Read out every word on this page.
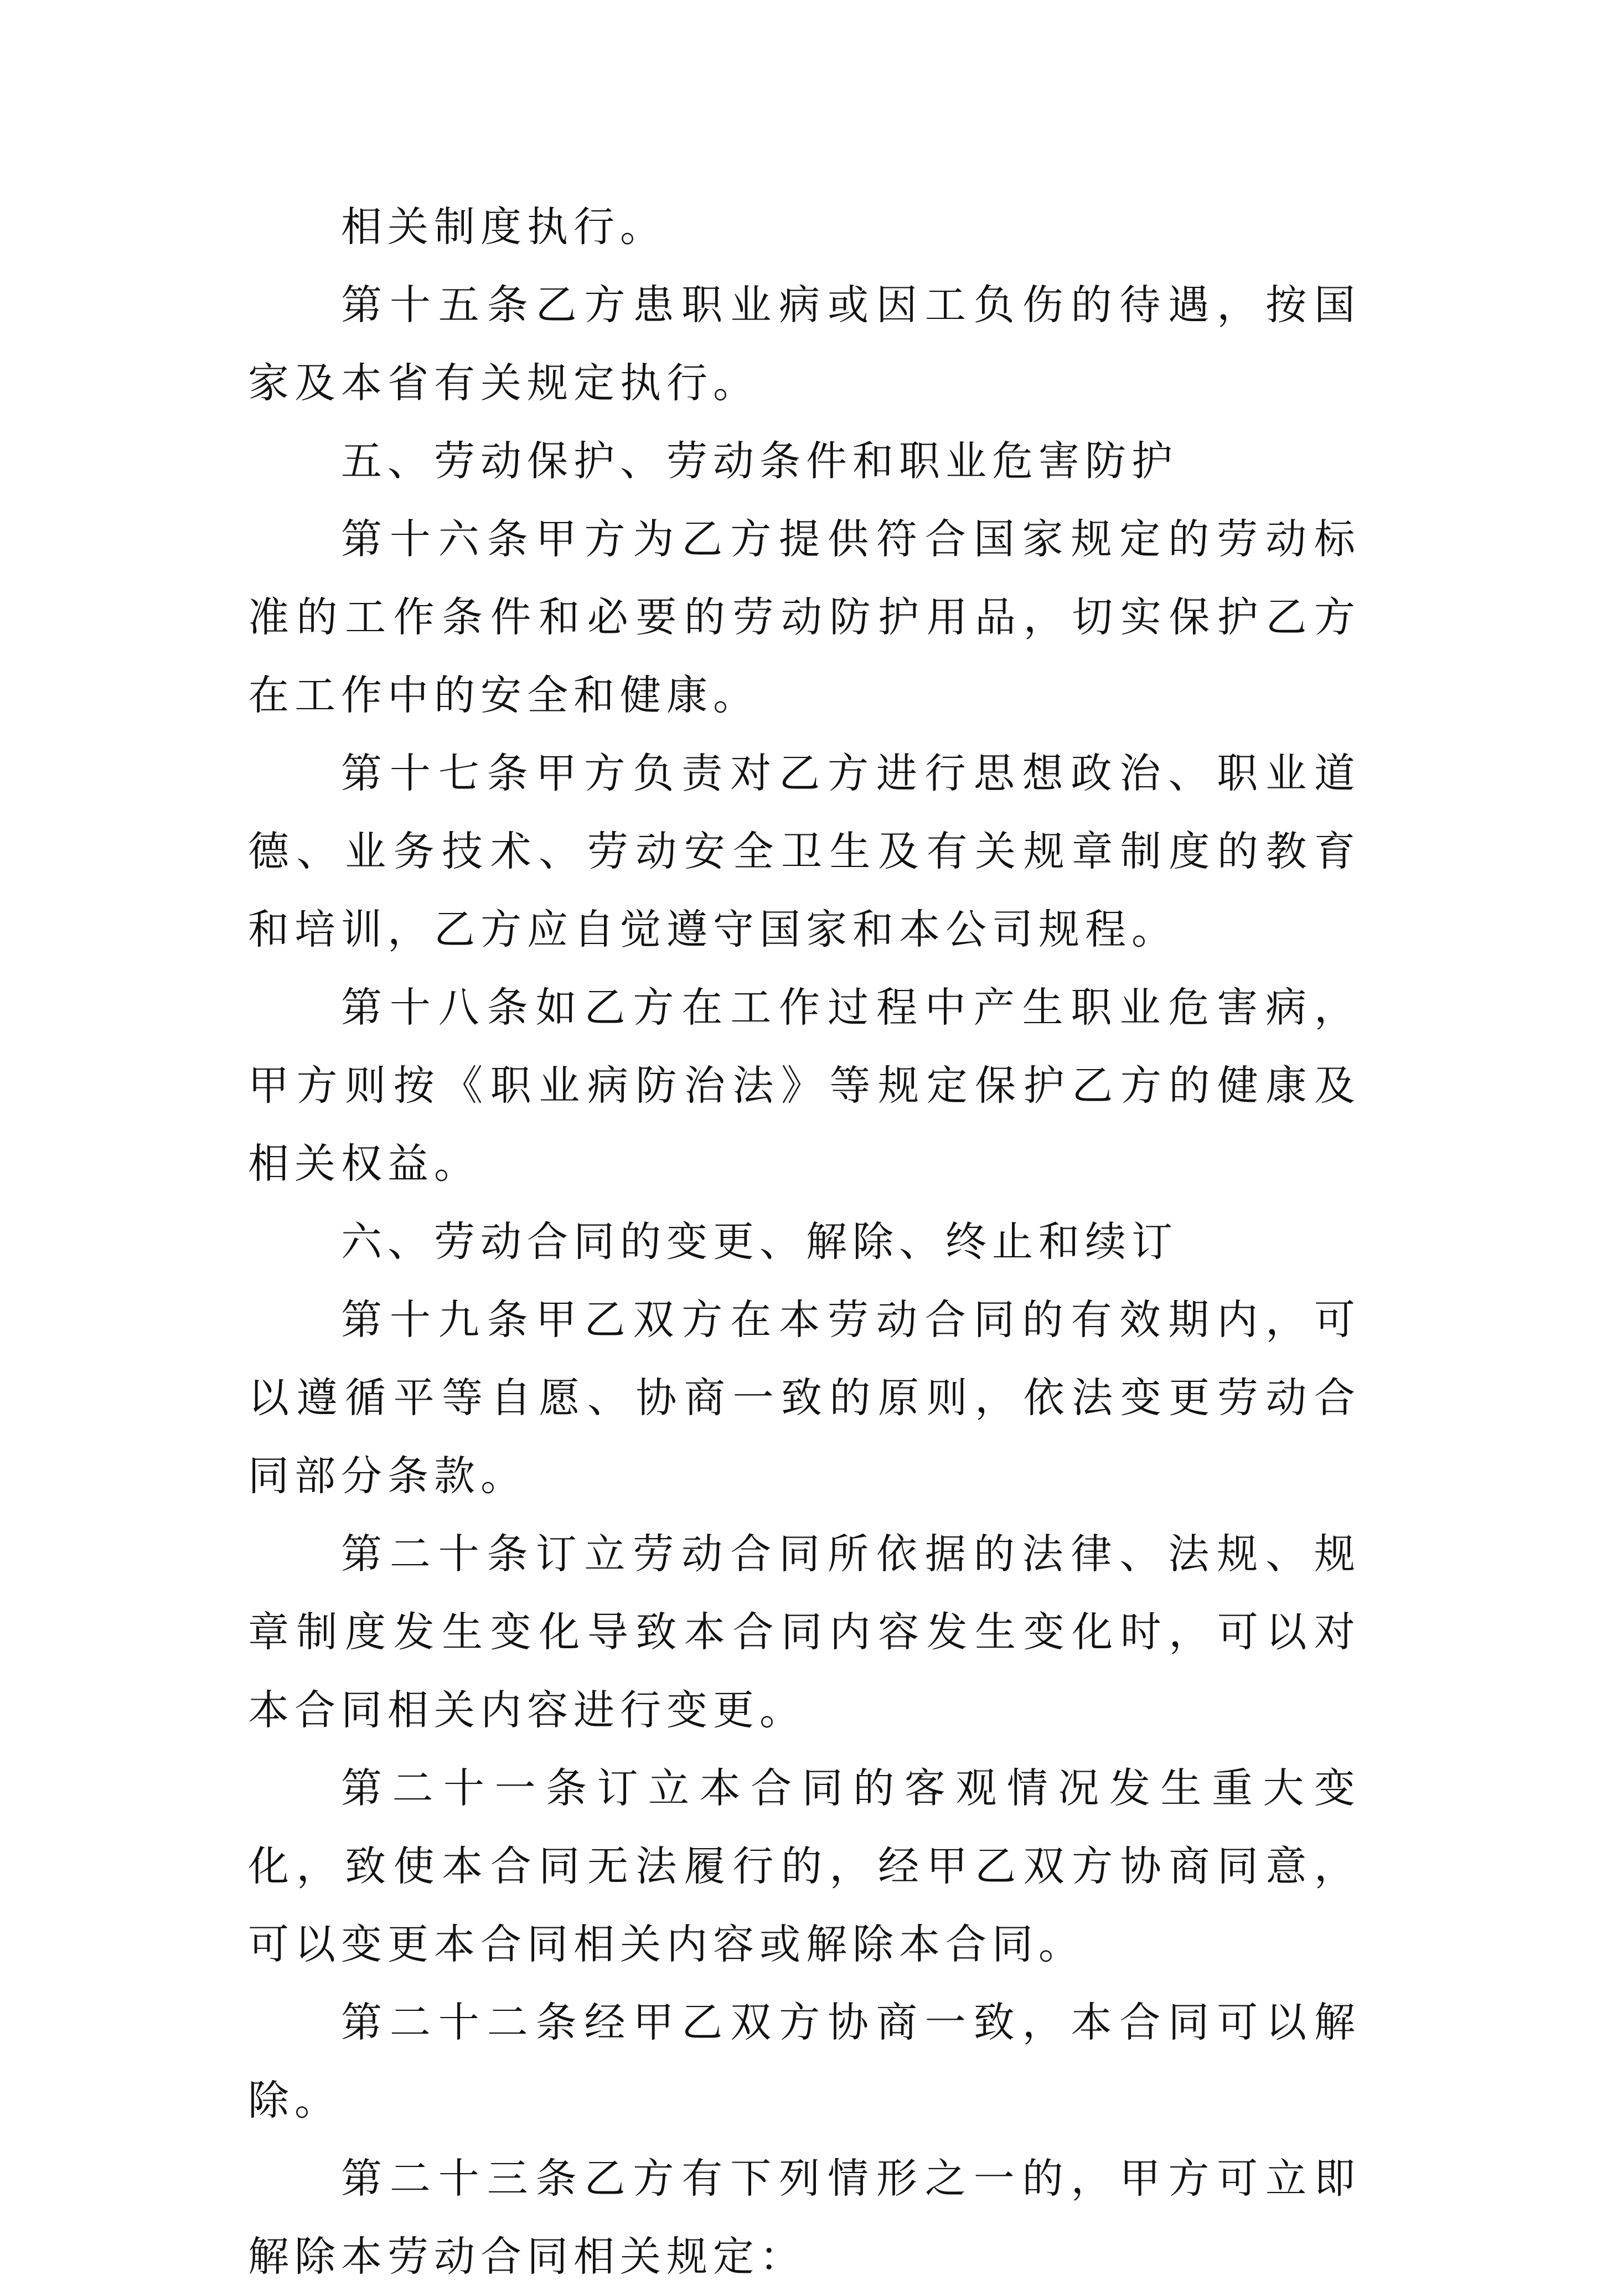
相关制度执行。

第十五条乙方患职业病或因工负伤的待遇，按国家及本省有关规定执行。

五、劳动保护、劳动条件和职业危害防护

第十六条甲方为乙方提供符合国家规定的劳动标准的工作条件和必要的劳动防护用品，切实保护乙方在工作中的安全和健康。

第十七条甲方负责对乙方进行思想政治、职业道德、业务技术、劳动安全卫生及有关规章制度的教育和培训，乙方应自觉遵守国家和本公司规程。

第十八条如乙方在工作过程中产生职业危害病，甲方则按《职业病防治法》等规定保护乙方的健康及相关权益。

六、劳动合同的变更、解除、终止和续订

第十九条甲乙双方在本劳动合同的有效期内，可以遵循平等自愿、协商一致的原则，依法变更劳动合同部分条款。

第二十条订立劳动合同所依据的法律、法规、规章制度发生变化导致本合同内容发生变化时，可以对本合同相关内容进行变更。

第二十一条订立本合同的客观情况发生重大变化，致使本合同无法履行的，经甲乙双方协商同意，可以变更本合同相关内容或解除本合同。

第二十二条经甲乙双方协商一致，本合同可以解除。

第二十三条乙方有下列情形之一的，甲方可立即解除本劳动合同相关规定：
